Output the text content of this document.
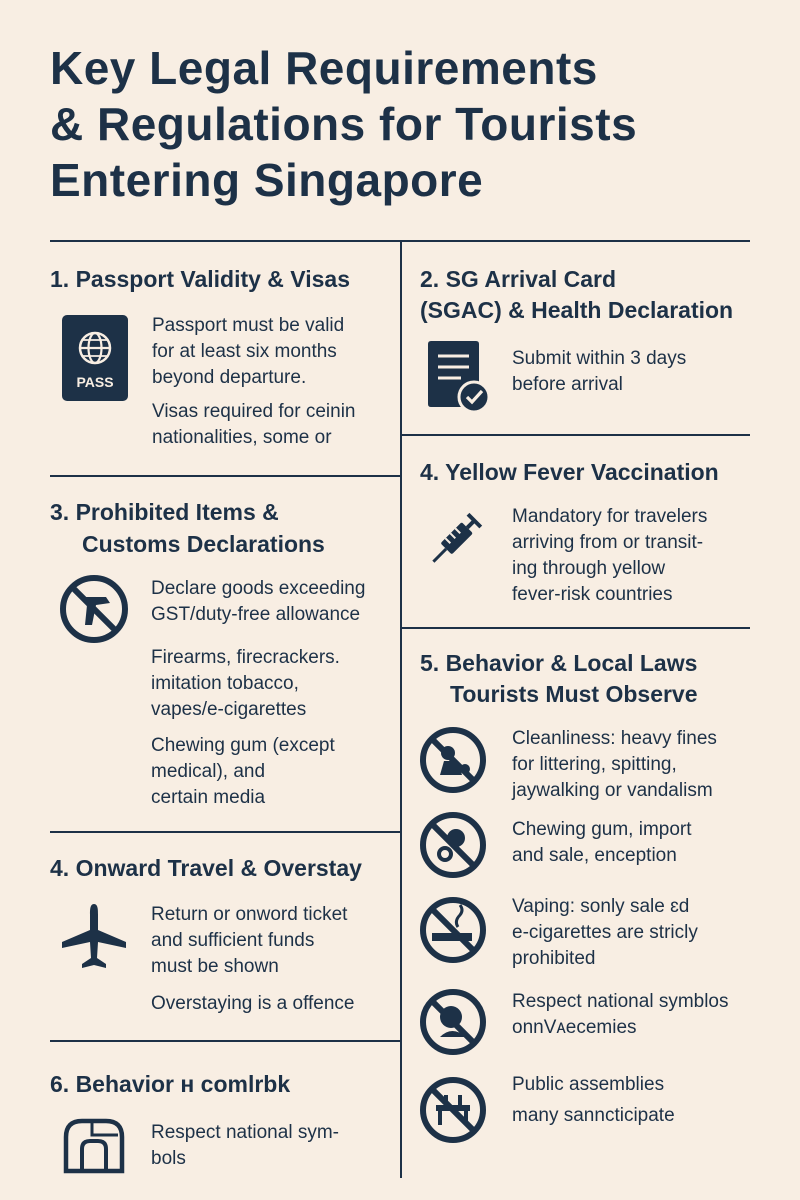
Key Legal Requirements
& Regulations for Tourists
Entering Singapore
1. Passport Validity & Visas
PASS

Passport must be valid

for at least six months

beyond departure.

Visas required for ceinin

nationalities, some or

2. SG Arrival Card
(SGAC) & Health Declaration

Submit within 3 days

before arrival

3. Prohibited Items &
Customs Declarations

Declare goods exceeding

GST/duty-free allowance

Firearms, firecrackers.

imitation tobacco,

vapes/e-cigarettes

Chewing gum (except

medical), and

certain media

4. Yellow Fever Vaccination

Mandatory for travelers

arriving from or transit-

ing through yellow

fever-risk countries

4. Onward Travel & Overstay

Return or onword ticket

and sufficient funds

must be shown

Overstaying is a offence

5. Behavior & Local Laws
Tourists Must Observe

Cleanliness: heavy fines

for littering, spitting,

jaywalking or vandalism

Chewing gum, import

and sale, enception

Vaping: sonly sale ɛd

e-cigarettes are stricly

prohibited

Respect national symblos

onnVᴀecemies

Public assemblies

many sanncticipate

6. Behavior ʜ comlrbk

Respect national sym-

bols
